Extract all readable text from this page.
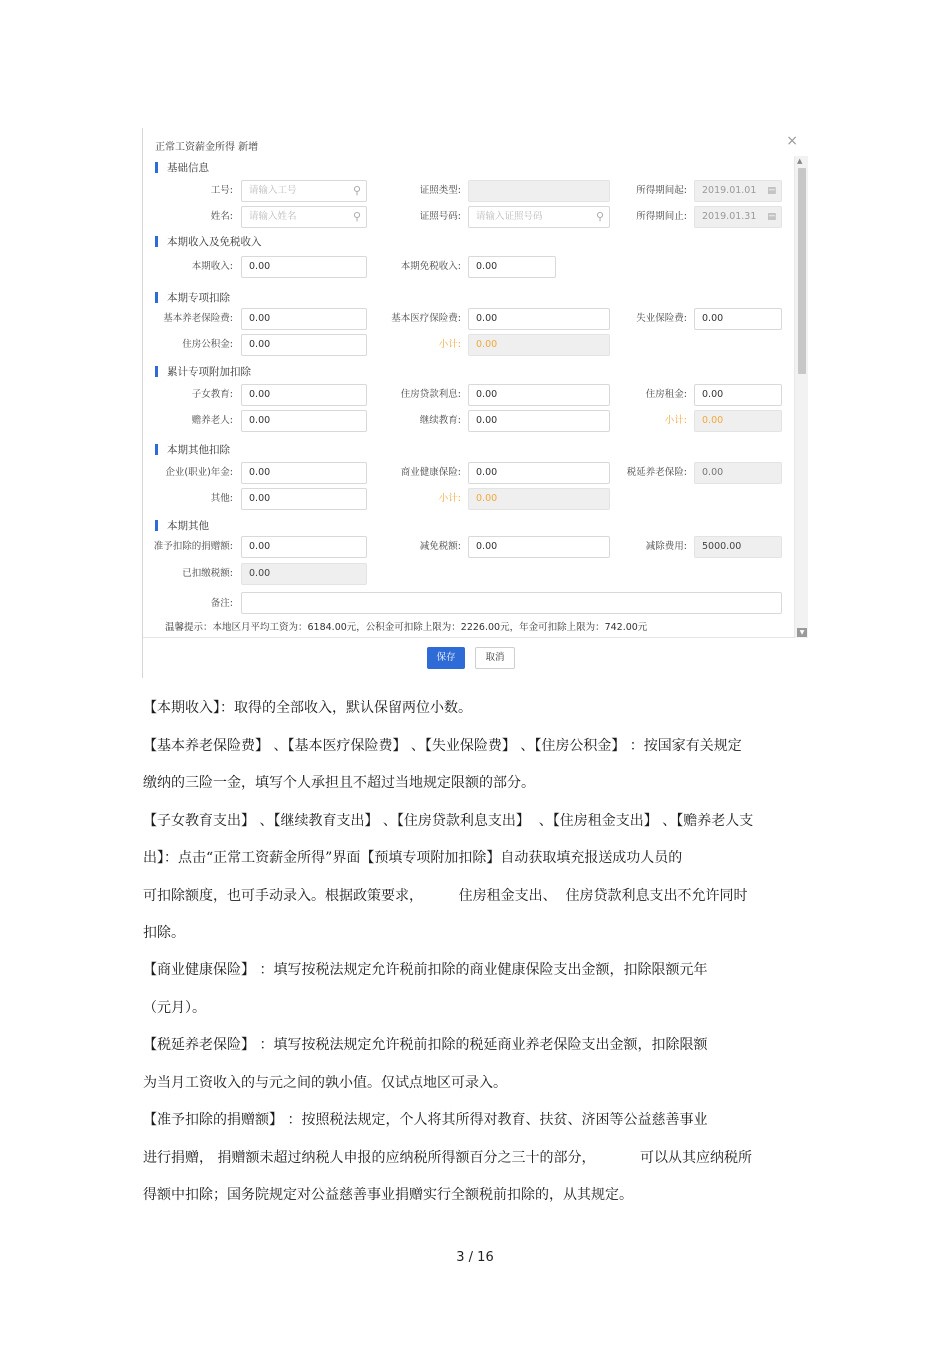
正常工资薪金所得 新增	×
基础信息
工号:	请输入工号	⚲	证照类型:	所得期间起:	2019.01.01 ▤
姓名:	请输入姓名	⚲	证照号码:	请输入证照号码	⚲	所得期间止:	2019.01.31 ▤
本期收入及免税收入
本期收入:	0.00	本期免税收入:	0.00
本期专项扣除
基本养老保险费:	0.00	基本医疗保险费:	0.00	失业保险费:	0.00
住房公积金:	0.00	小计:	0.00
累计专项附加扣除
子女教育:	0.00	住房贷款利息:	0.00	住房租金:	0.00
赡养老人:	0.00	继续教育:	0.00	小计:	0.00
本期其他扣除
企业(职业)年金:	0.00	商业健康保险:	0.00	税延养老保险:	0.00
其他:	0.00	小计:	0.00
本期其他
准予扣除的捐赠额:	0.00	减免税额:	0.00	减除费用:	5000.00
已扣缴税额:	0.00
备注:
温馨提示：本地区月平均工资为：6184.00元，公积金可扣除上限为：2226.00元，年金可扣除上限为：742.00元
▲
▼
保存	取消
【本期收入】：取得的全部收入，默认保留两位小数。
【基本养老保险费】 、【基本医疗保险费】 、【失业保险费】 、【住房公积金】 ：按国家有关规定
缴纳的三险一金，填写个人承担且不超过当地规定限额的部分。
【子女教育支出】 、【继续教育支出】 、【住房贷款利息支出】  、【住房租金支出】 、【赡养老人支
出】：点击“正常工资薪金所得”界面【预填专项附加扣除】自动获取填充报送成功人员的
可扣除额度，也可手动录入。根据政策要求，        住房租金支出、  住房贷款利息支出不允许同时
扣除。
【商业健康保险】 ：填写按税法规定允许税前扣除的商业健康保险支出金额，扣除限额元年
（元月）。
【税延养老保险】 ：填写按税法规定允许税前扣除的税延商业养老保险支出金额，扣除限额
为当月工资收入的与元之间的孰小值。仅试点地区可录入。
【准予扣除的捐赠额】 ：按照税法规定，个人将其所得对教育、扶贫、济困等公益慈善事业
进行捐赠， 捐赠额未超过纳税人申报的应纳税所得额百分之三十的部分，          可以从其应纳税所
得额中扣除；国务院规定对公益慈善事业捐赠实行全额税前扣除的，从其规定。
3 / 16
